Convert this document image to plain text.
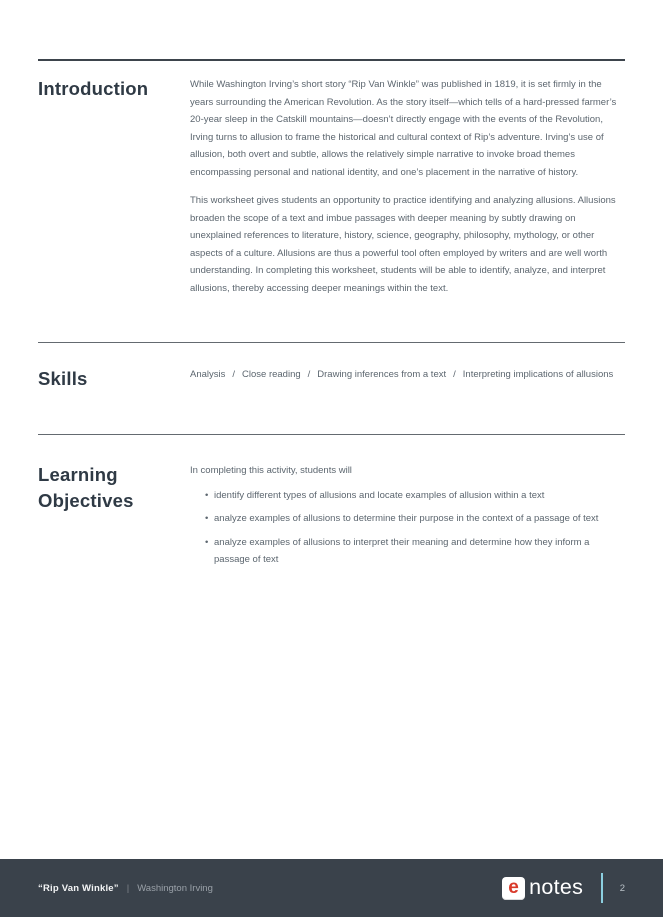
Introduction	While Washington Irving’s short story “Rip Van Winkle” was published in 1819, it is set firmly in the years surrounding the American Revolution. As the story itself—which tells of a hard-pressed farmer’s 20-year sleep in the Catskill mountains—doesn’t directly engage with the events of the Revolution, Irving turns to allusion to frame the historical and cultural context of Rip’s adventure. Irving’s use of allusion, both overt and subtle, allows the relatively simple narrative to invoke broad themes encompassing personal and national identity, and one’s placement in the narrative of history.

This worksheet gives students an opportunity to practice identifying and analyzing allusions. Allusions broaden the scope of a text and imbue passages with deeper meaning by subtly drawing on unexplained references to literature, history, science, geography, philosophy, mythology, or other aspects of a culture. Allusions are thus a powerful tool often employed by writers and are well worth understanding. In completing this worksheet, students will be able to identify, analyze, and interpret allusions, thereby accessing deeper meanings within the text.

Skills	Analysis / Close reading / Drawing inferences from a text / Interpreting implications of allusions
Learning Objectives

In completing this activity, students will

• identify different types of allusions and locate examples of allusion within a text
• analyze examples of allusions to determine their purpose in the context of a passage of text
• analyze examples of allusions to interpret their meaning and determine how they inform a passage of text
“Rip Van Winkle” | Washington Irving	e notes	2
